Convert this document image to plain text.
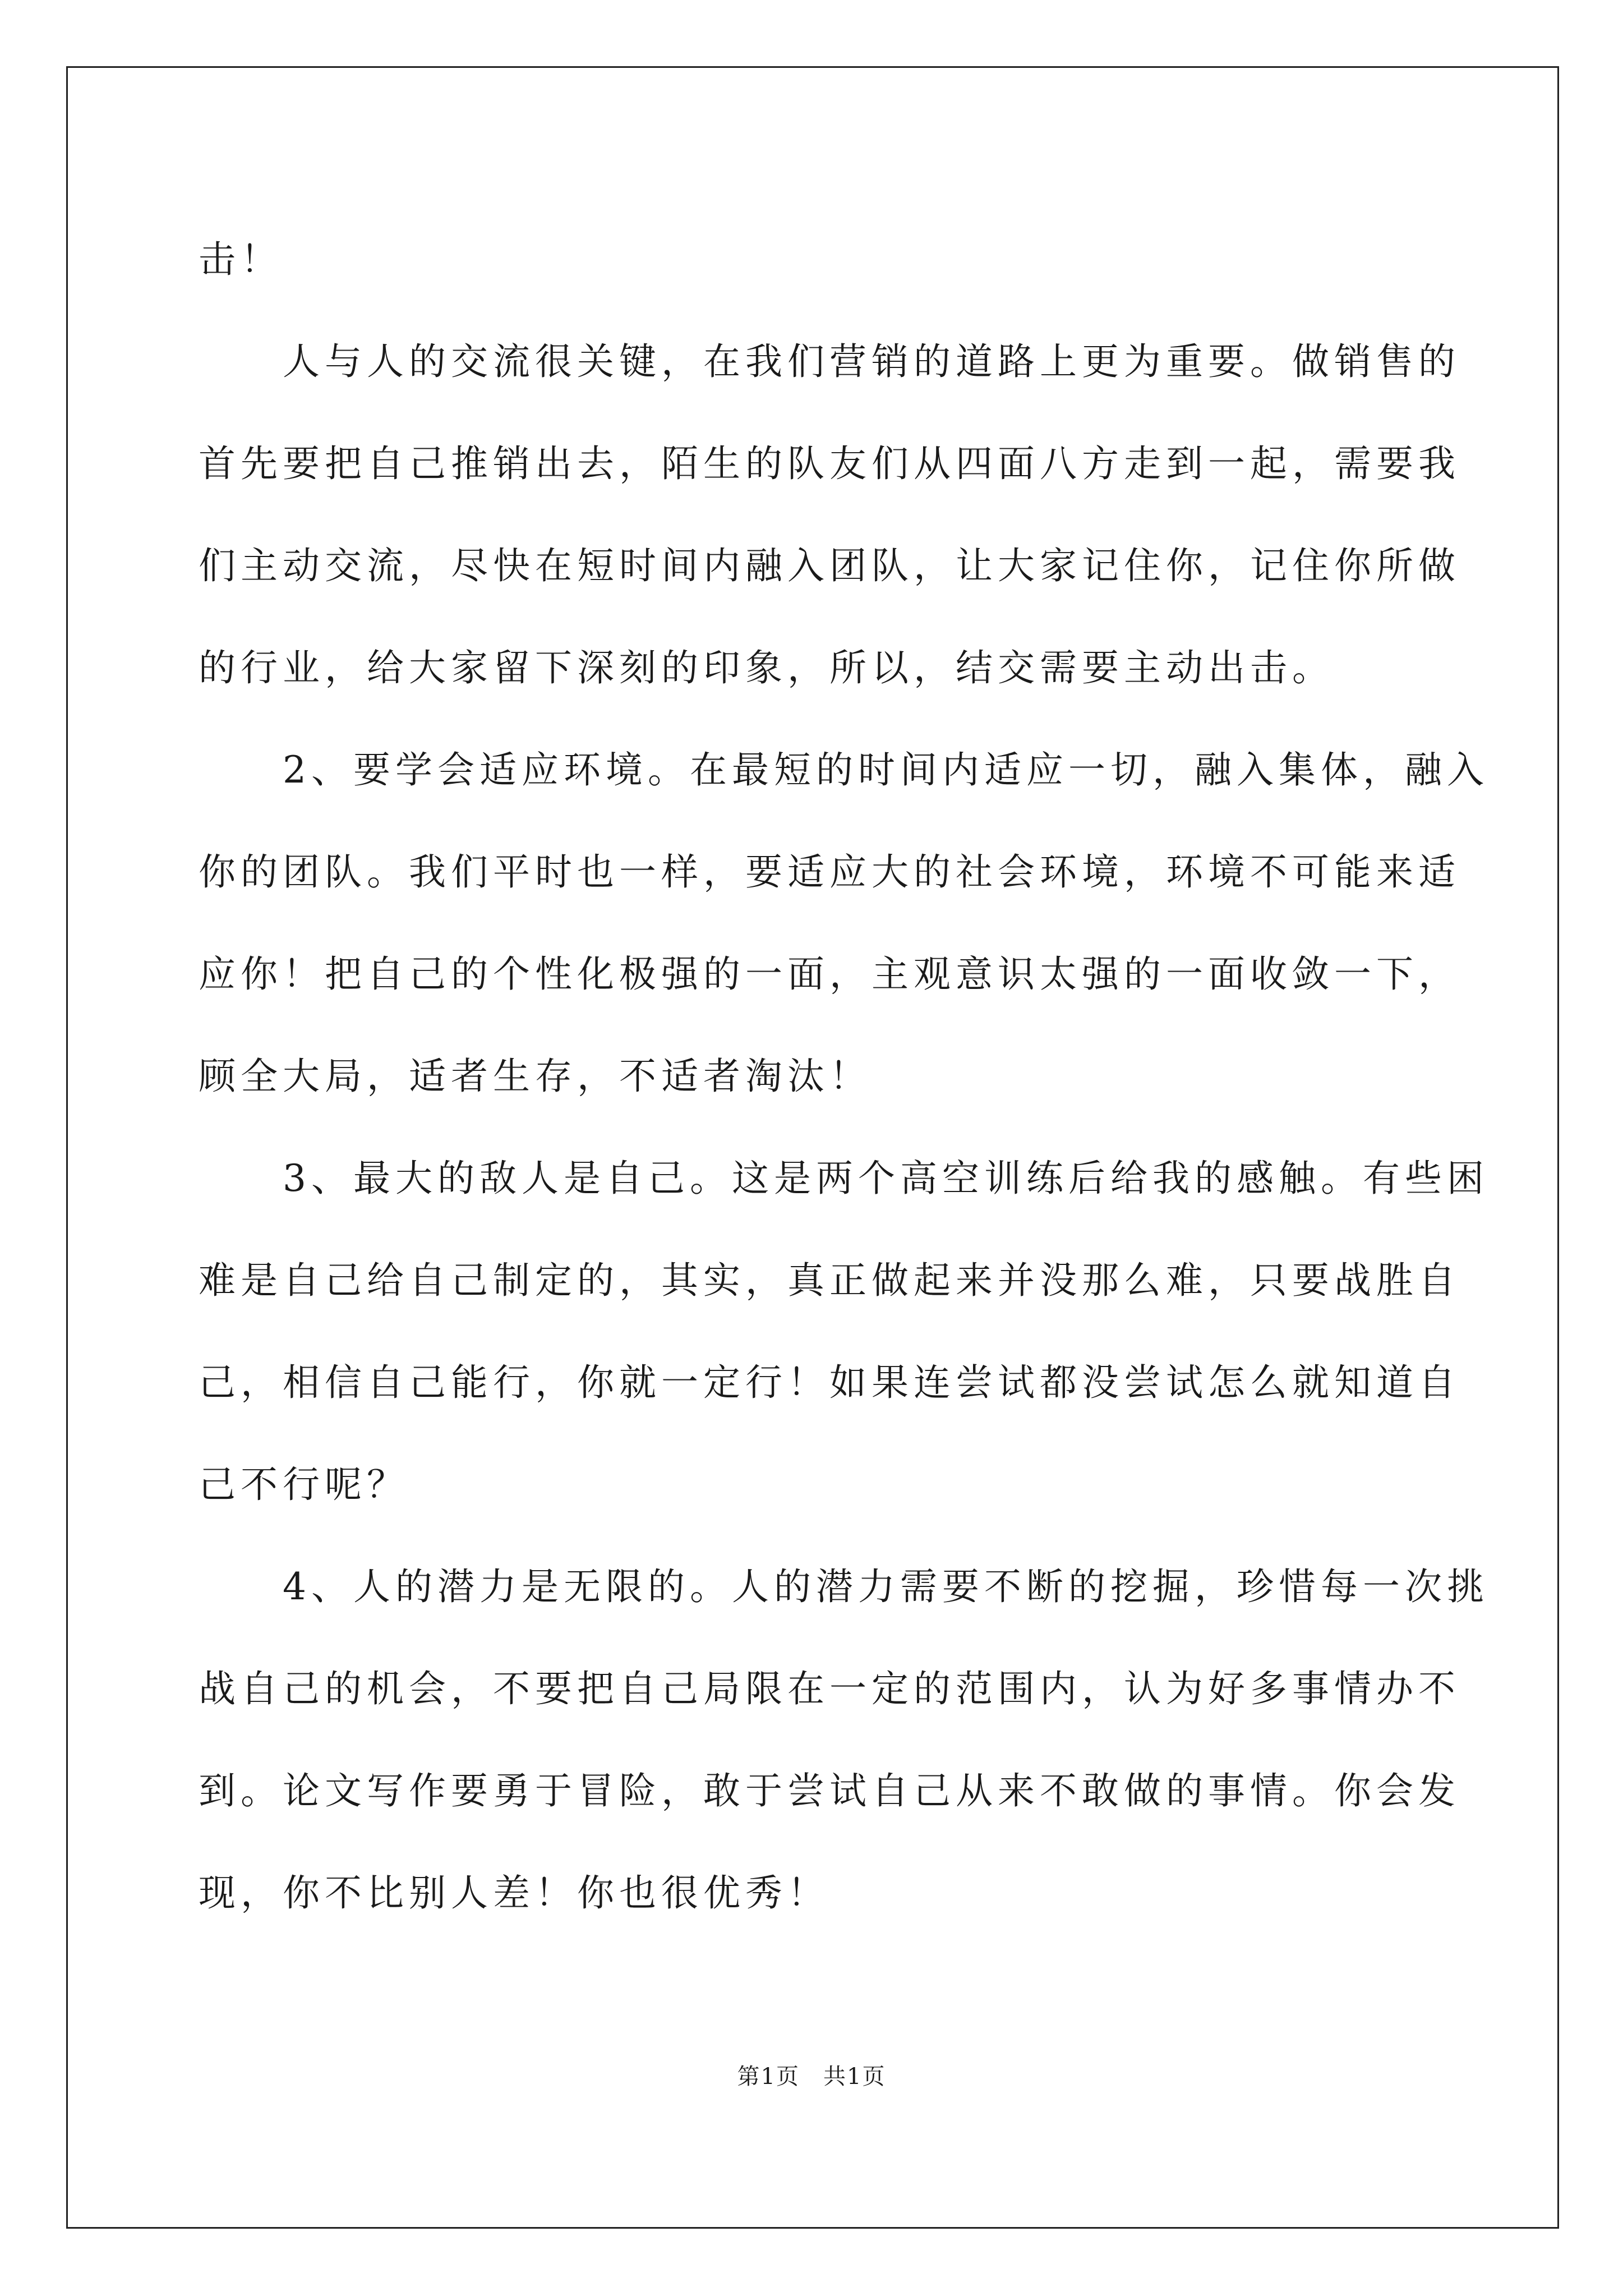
击！
　　人与人的交流很关键，在我们营销的道路上更为重要。做销售的
首先要把自己推销出去，陌生的队友们从四面八方走到一起，需要我
们主动交流，尽快在短时间内融入团队，让大家记住你，记住你所做
的行业，给大家留下深刻的印象，所以，结交需要主动出击。
　　2、要学会适应环境。在最短的时间内适应一切，融入集体，融入
你的团队。我们平时也一样，要适应大的社会环境，环境不可能来适
应你！把自己的个性化极强的一面，主观意识太强的一面收敛一下，
顾全大局，适者生存，不适者淘汰！
　　3、最大的敌人是自己。这是两个高空训练后给我的感触。有些困
难是自己给自己制定的，其实，真正做起来并没那么难，只要战胜自
己，相信自己能行，你就一定行！如果连尝试都没尝试怎么就知道自
己不行呢？
　　4、人的潜力是无限的。人的潜力需要不断的挖掘，珍惜每一次挑
战自己的机会，不要把自己局限在一定的范围内，认为好多事情办不
到。论文写作要勇于冒险，敢于尝试自己从来不敢做的事情。你会发
现，你不比别人差！你也很优秀！
第1页　共1页
